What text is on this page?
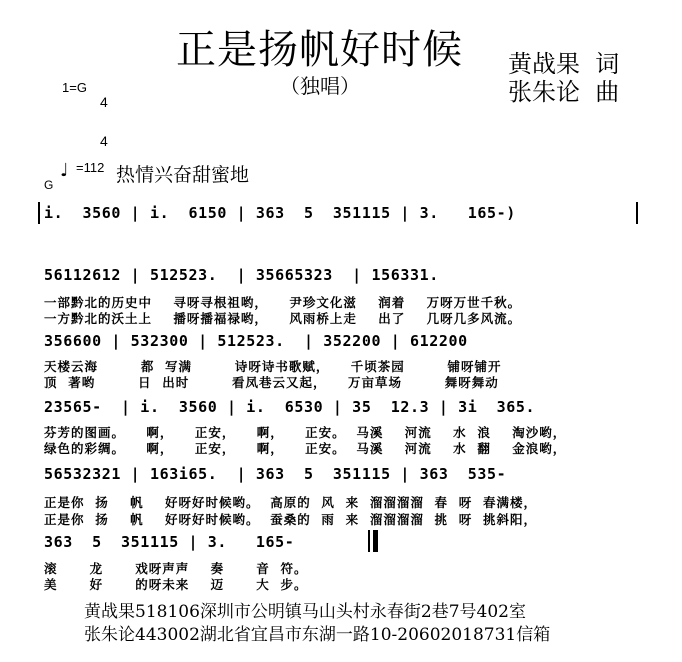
正是扬帆好时候
（独唱）
黄战果  词
张朱论  曲
1=G

4

4

♩ =112
G	热情兴奋甜蜜地
i.  3560 | i.  6150 | 363  5  351115 | 3.   165-)
56112612 | 512523.  | 35665323  | 156331.
一部黔北的历史中    寻呀寻根祖哟，    尹珍文化滋    润着    万呀万世千秋。
一方黔北的沃土上    播呀播福禄哟，    风雨桥上走    出了    几呀几多风流。
356600 | 532300 | 512523.  | 352200 | 612200
天楼云海        都  写满        诗呀诗书歌赋，    千顷茶园        铺呀铺开
顶  著哟        日  出时        看凤巷云又起，    万亩草场        舞呀舞动
23565-  | i.  3560 | i.  6530 | 35  12.3 | 3i  365.
芬芳的图画。    啊，    正安，    啊，    正安。  马溪    河流    水  浪    淘沙哟，
绿色的彩绸。    啊，    正安，    啊，    正安。  马溪    河流    水  翻    金浪哟，
56532321 | 163i65.  | 363  5  351115 | 363  535-
正是你  扬    帆    好呀好时候哟。  高原的  风  来  溜溜溜溜  春  呀  春满楼，
正是你  扬    帆    好呀好时候哟。  蚕桑的  雨  来  溜溜溜溜  挑  呀  挑斜阳，
363  5  351115 | 3.   165-
滚      龙      戏呀声声    奏      音  符。
美      好      的呀未来    迈      大  步。
黄战果518106深圳市公明镇马山头村永春街2巷7号402室
张朱论443002湖北省宜昌市东湖一路10-20602018731信箱
